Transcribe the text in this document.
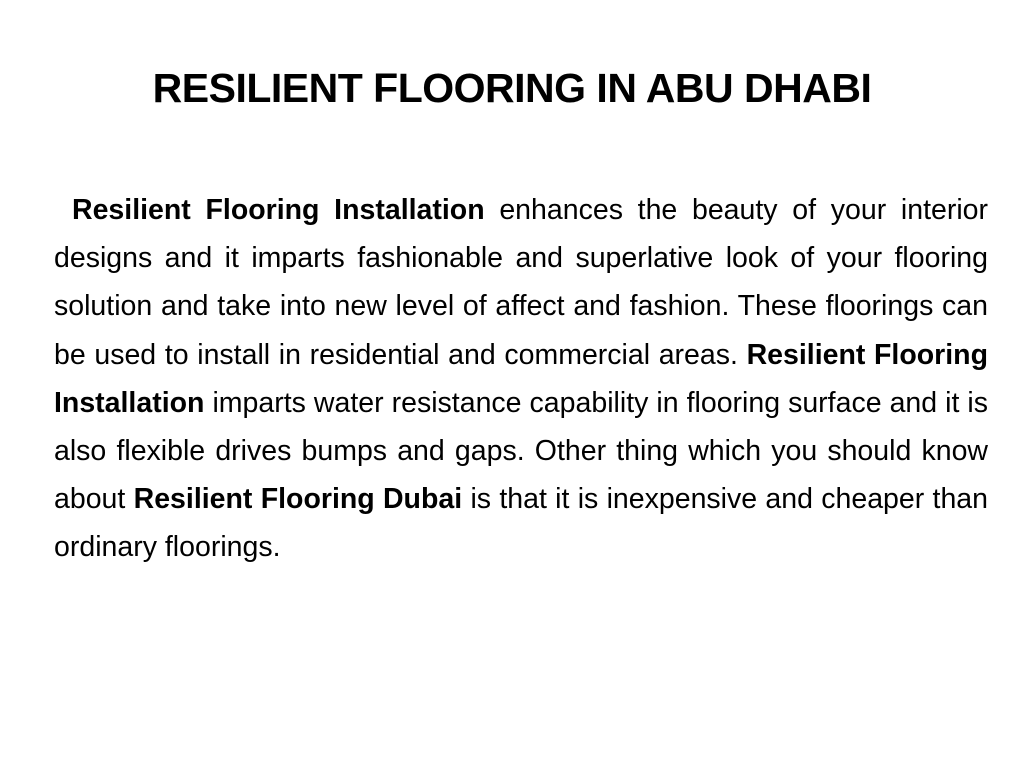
RESILIENT FLOORING IN ABU DHABI

Resilient Flooring Installation enhances the beauty of your interior designs and it imparts fashionable and superlative look of your flooring solution and take into new level of affect and fashion. These floorings can be used to install in residential and commercial areas. Resilient Flooring Installation imparts water resistance capability in flooring surface and it is also flexible drives bumps and gaps. Other thing which you should know about Resilient Flooring Dubai is that it is inexpensive and cheaper than ordinary floorings.
